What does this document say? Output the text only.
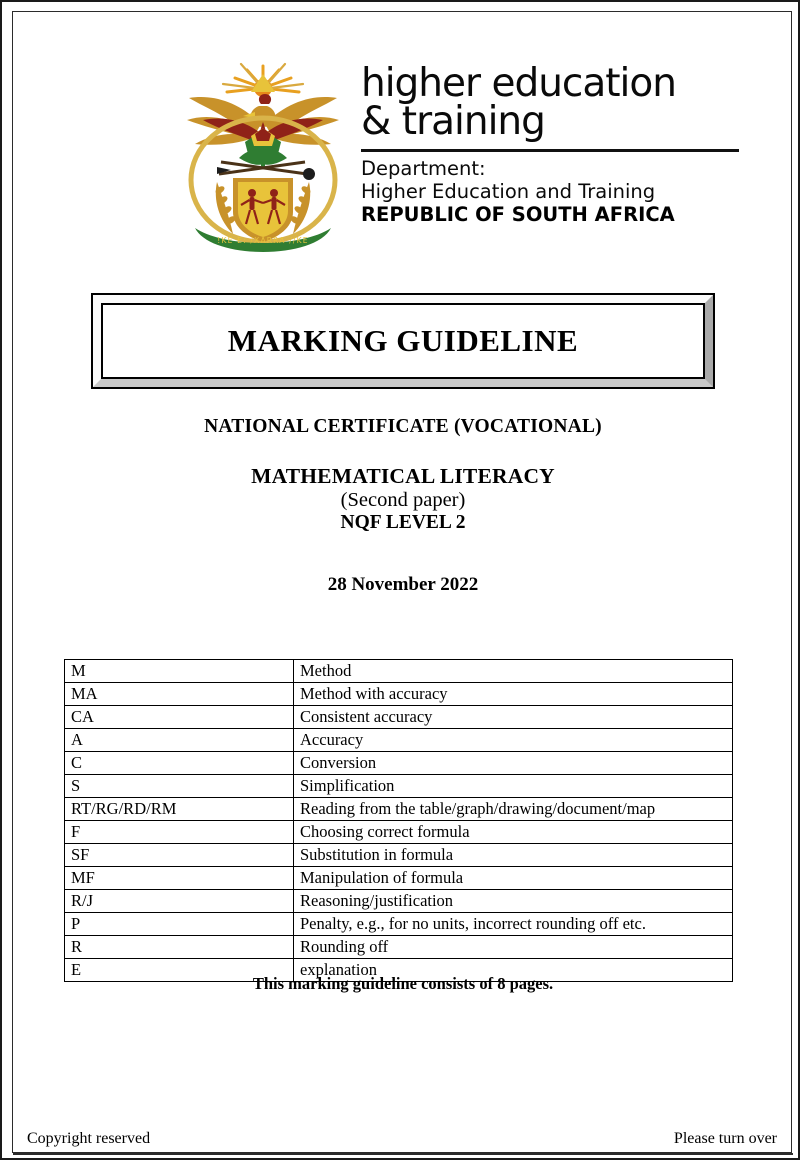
!KE E: /XARRA //KE
higher education
& training
Department:
Higher Education and Training
REPUBLIC OF SOUTH AFRICA
MARKING GUIDELINE
NATIONAL CERTIFICATE (VOCATIONAL)
MATHEMATICAL LITERACY
(Second paper)
NQF LEVEL 2
28 November 2022
M	Method
MA	Method with accuracy
CA	Consistent accuracy
A	Accuracy
C	Conversion
S	Simplification
RT/RG/RD/RM	Reading from the table/graph/drawing/document/map
F	Choosing correct formula
SF	Substitution in formula
MF	Manipulation of formula
R/J	Reasoning/justification
P	Penalty, e.g., for no units, incorrect rounding off etc.
R	Rounding off
E	explanation
This marking guideline consists of 8 pages.
Copyright reserved	Please turn over
